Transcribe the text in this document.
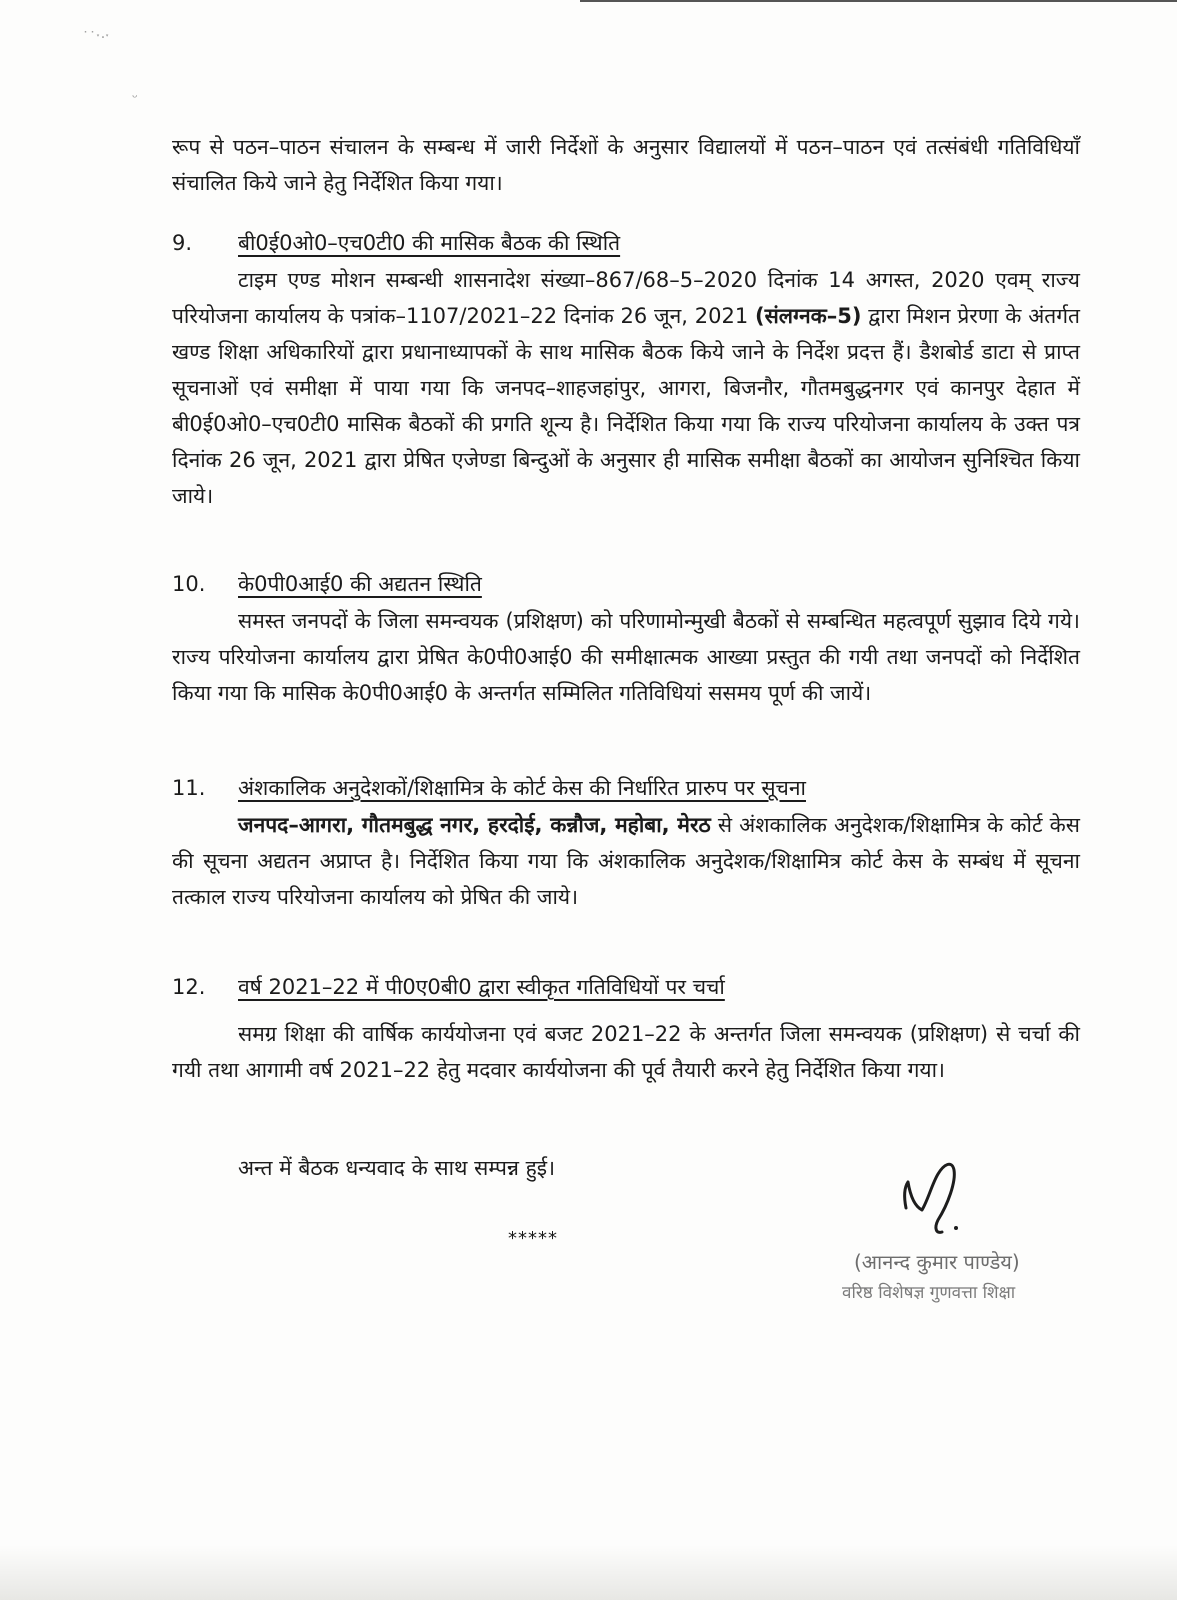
˙˙ˑ·ˑ
ᵕ

रूप से पठन–पाठन संचालन के सम्बन्ध में जारी निर्देशों के अनुसार विद्यालयों में पठन–पाठन एवं तत्संबंधी गतिविधियाँ संचालित किये जाने हेतु निर्देशित किया गया।

9. बी0ई0ओ0–एच0टी0 की मासिक बैठक की स्थिति

टाइम एण्ड मोशन सम्बन्धी शासनादेश संख्या–867/68–5–2020 दिनांक 14 अगस्त, 2020 एवम् राज्य परियोजना कार्यालय के पत्रांक–1107/2021–22 दिनांक 26 जून, 2021 (संलग्नक–5) द्वारा मिशन प्रेरणा के अंतर्गत खण्ड शिक्षा अधिकारियों द्वारा प्रधानाध्यापकों के साथ मासिक बैठक किये जाने के निर्देश प्रदत्त हैं। डैशबोर्ड डाटा से प्राप्त सूचनाओं एवं समीक्षा में पाया गया कि जनपद–शाहजहांपुर, आगरा, बिजनौर, गौतमबुद्धनगर एवं कानपुर देहात में बी0ई0ओ0–एच0टी0 मासिक बैठकों की प्रगति शून्य है। निर्देशित किया गया कि राज्य परियोजना कार्यालय के उक्त पत्र दिनांक 26 जून, 2021 द्वारा प्रेषित एजेण्डा बिन्दुओं के अनुसार ही मासिक समीक्षा बैठकों का आयोजन सुनिश्चित किया जाये।

10. के0पी0आई0 की अद्यतन स्थिति

समस्त जनपदों के जिला समन्वयक (प्रशिक्षण) को परिणामोन्मुखी बैठकों से सम्बन्धित महत्वपूर्ण सुझाव दिये गये। राज्य परियोजना कार्यालय द्वारा प्रेषित के0पी0आई0 की समीक्षात्मक आख्या प्रस्तुत की गयी तथा जनपदों को निर्देशित किया गया कि मासिक के0पी0आई0 के अन्तर्गत सम्मिलित गतिविधियां ससमय पूर्ण की जायें।

11. अंशकालिक अनुदेशकों/शिक्षामित्र के कोर्ट केस की निर्धारित प्रारुप पर सूचना

जनपद–आगरा, गौतमबुद्ध नगर, हरदोई, कन्नौज, महोबा, मेरठ से अंशकालिक अनुदेशक/शिक्षामित्र के कोर्ट केस की सूचना अद्यतन अप्राप्त है। निर्देशित किया गया कि अंशकालिक अनुदेशक/शिक्षामित्र कोर्ट केस के सम्बंध में सूचना तत्काल राज्य परियोजना कार्यालय को प्रेषित की जाये।

12. वर्ष 2021–22 में पी0ए0बी0 द्वारा स्वीकृत गतिविधियों पर चर्चा

समग्र शिक्षा की वार्षिक कार्ययोजना एवं बजट 2021–22 के अन्तर्गत जिला समन्वयक (प्रशिक्षण) से चर्चा की गयी तथा आगामी वर्ष 2021–22 हेतु मदवार कार्ययोजना की पूर्व तैयारी करने हेतु निर्देशित किया गया।

अन्त में बैठक धन्यवाद के साथ सम्पन्न हुई।

*****
(आनन्द कुमार पाण्डेय)
वरिष्ठ विशेषज्ञ गुणवत्ता शिक्षा
